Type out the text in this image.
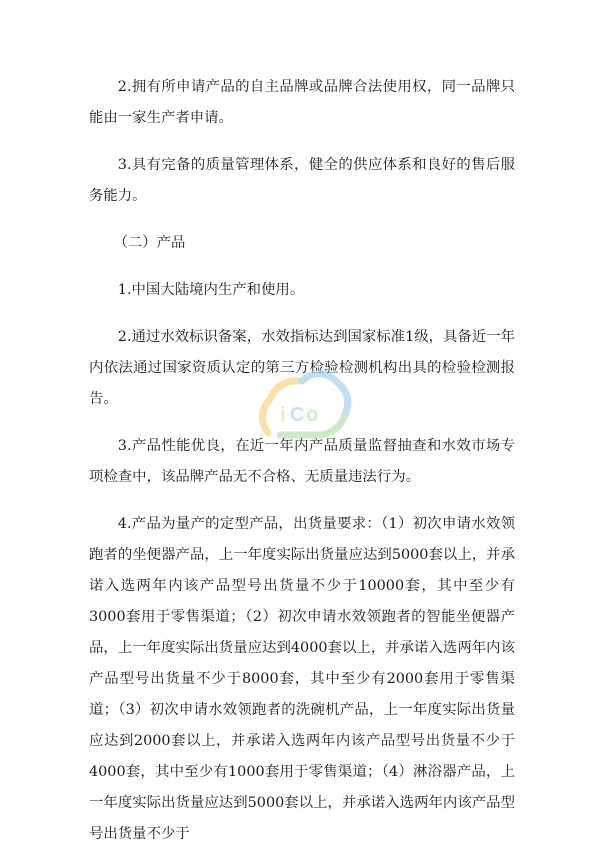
2.拥有所申请产品的自主品牌或品牌合法使用权，同一品牌只能由一家生产者申请。

3.具有完备的质量管理体系，健全的供应体系和良好的售后服务能力。

（二）产品

1.中国大陆境内生产和使用。

2.通过水效标识备案，水效指标达到国家标准1级，具备近一年内依法通过国家资质认定的第三方检验检测机构出具的检验检测报告。

3.产品性能优良，在近一年内产品质量监督抽查和水效市场专项检查中，该品牌产品无不合格、无质量违法行为。

4.产品为量产的定型产品，出货量要求：（1）初次申请水效领跑者的坐便器产品，上一年度实际出货量应达到5000套以上，并承诺入选两年内该产品型号出货量不少于10000套，其中至少有3000套用于零售渠道；（2）初次申请水效领跑者的智能坐便器产品，上一年度实际出货量应达到4000套以上，并承诺入选两年内该产品型号出货量不少于8000套，其中至少有2000套用于零售渠道；（3）初次申请水效领跑者的洗碗机产品，上一年度实际出货量应达到2000套以上，并承诺入选两年内该产品型号出货量不少于4000套，其中至少有1000套用于零售渠道；（4）淋浴器产品，上一年度实际出货量应达到5000套以上，并承诺入选两年内该产品型号出货量不少于

i C o
